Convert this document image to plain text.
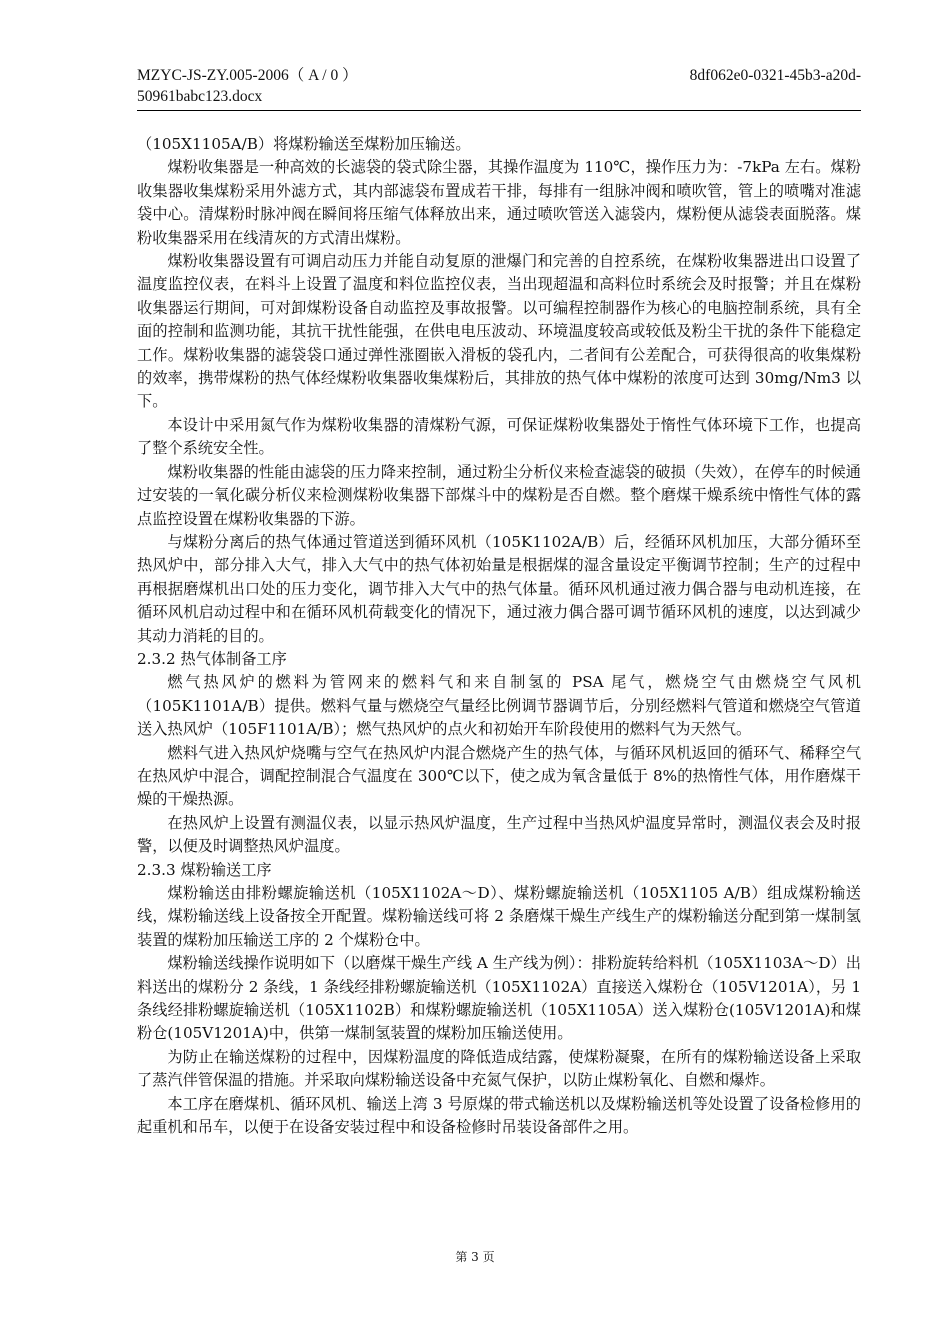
MZYC-JS-ZY.005-2006（ A / 0 ）	8df062e0-0321-45b3-a20d-
50961babc123.docx

（105X1105A/B）将煤粉输送至煤粉加压输送。

煤粉收集器是一种高效的长滤袋的袋式除尘器，其操作温度为 110℃，操作压力为：-7kPa 左右。煤粉收集器收集煤粉采用外滤方式，其内部滤袋布置成若干排，每排有一组脉冲阀和喷吹管，管上的喷嘴对准滤袋中心。清煤粉时脉冲阀在瞬间将压缩气体释放出来，通过喷吹管送入滤袋内，煤粉便从滤袋表面脱落。煤粉收集器采用在线清灰的方式清出煤粉。

煤粉收集器设置有可调启动压力并能自动复原的泄爆门和完善的自控系统，在煤粉收集器进出口设置了温度监控仪表，在料斗上设置了温度和料位监控仪表，当出现超温和高料位时系统会及时报警；并且在煤粉收集器运行期间，可对卸煤粉设备自动监控及事故报警。以可编程控制器作为核心的电脑控制系统，具有全面的控制和监测功能，其抗干扰性能强，在供电电压波动、环境温度较高或较低及粉尘干扰的条件下能稳定工作。煤粉收集器的滤袋袋口通过弹性涨圈嵌入滑板的袋孔内，二者间有公差配合，可获得很高的收集煤粉的效率，携带煤粉的热气体经煤粉收集器收集煤粉后，其排放的热气体中煤粉的浓度可达到 30mg/Nm3 以下。

本设计中采用氮气作为煤粉收集器的清煤粉气源，可保证煤粉收集器处于惰性气体环境下工作，也提高了整个系统安全性。

煤粉收集器的性能由滤袋的压力降来控制，通过粉尘分析仪来检查滤袋的破损（失效），在停车的时候通过安装的一氧化碳分析仪来检测煤粉收集器下部煤斗中的煤粉是否自燃。整个磨煤干燥系统中惰性气体的露点监控设置在煤粉收集器的下游。

与煤粉分离后的热气体通过管道送到循环风机（105K1102A/B）后，经循环风机加压，大部分循环至热风炉中，部分排入大气，排入大气中的热气体初始量是根据煤的湿含量设定平衡调节控制；生产的过程中再根据磨煤机出口处的压力变化，调节排入大气中的热气体量。循环风机通过液力偶合器与电动机连接，在循环风机启动过程中和在循环风机荷载变化的情况下，通过液力偶合器可调节循环风机的速度，以达到减少其动力消耗的目的。

2.3.2 热气体制备工序

燃气热风炉的燃料为管网来的燃料气和来自制氢的 PSA 尾气，燃烧空气由燃烧空气风机（105K1101A/B）提供。燃料气量与燃烧空气量经比例调节器调节后，分别经燃料气管道和燃烧空气管道送入热风炉（105F1101A/B）；燃气热风炉的点火和初始开车阶段使用的燃料气为天然气。

燃料气进入热风炉烧嘴与空气在热风炉内混合燃烧产生的热气体，与循环风机返回的循环气、稀释空气在热风炉中混合，调配控制混合气温度在 300℃以下，使之成为氧含量低于 8%的热惰性气体，用作磨煤干燥的干燥热源。

在热风炉上设置有测温仪表，以显示热风炉温度，生产过程中当热风炉温度异常时，测温仪表会及时报警，以便及时调整热风炉温度。

2.3.3 煤粉输送工序

煤粉输送由排粉螺旋输送机（105X1102A～D）、煤粉螺旋输送机（105X1105 A/B）组成煤粉输送线，煤粉输送线上设备按全开配置。煤粉输送线可将 2 条磨煤干燥生产线生产的煤粉输送分配到第一煤制氢装置的煤粉加压输送工序的 2 个煤粉仓中。

煤粉输送线操作说明如下（以磨煤干燥生产线 A 生产线为例）：排粉旋转给料机（105X1103A～D）出料送出的煤粉分 2 条线，1 条线经排粉螺旋输送机（105X1102A）直接送入煤粉仓（105V1201A），另 1 条线经排粉螺旋输送机（105X1102B）和煤粉螺旋输送机（105X1105A）送入煤粉仓(105V1201A)和煤粉仓(105V1201A)中，供第一煤制氢装置的煤粉加压输送使用。

为防止在输送煤粉的过程中，因煤粉温度的降低造成结露，使煤粉凝聚，在所有的煤粉输送设备上采取了蒸汽伴管保温的措施。并采取向煤粉输送设备中充氮气保护，以防止煤粉氧化、自燃和爆炸。

本工序在磨煤机、循环风机、输送上湾 3 号原煤的带式输送机以及煤粉输送机等处设置了设备检修用的起重机和吊车，以便于在设备安装过程中和设备检修时吊装设备部件之用。

第 3 页
